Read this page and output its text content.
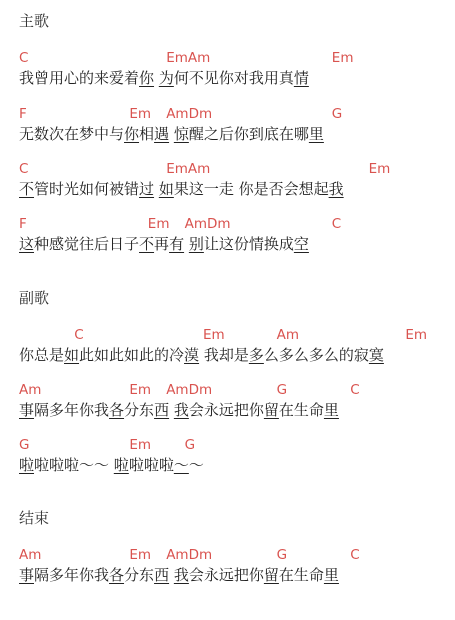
主歌
C	EmAm	Em
我曾用心的来爱着你 为何不见你对我用真情
F	Em AmDm	G
无数次在梦中与你相遇 惊醒之后你到底在哪里
C	EmAm	Em
不管时光如何被错过 如果这一走 你是否会想起我
F	Em AmDm	C
这种感觉往后日子不再有 别让这份情换成空
副歌
C	Em	Am	Em
你总是如此如此如此的冷漠 我却是多么多么多么的寂寞
Am	Em AmDm	G	C
事隔多年你我各分东西 我会永远把你留在生命里
G	Em G
啦啦啦啦～～ 啦啦啦啦～～
结束
Am	Em AmDm	G	C
事隔多年你我各分东西 我会永远把你留在生命里
